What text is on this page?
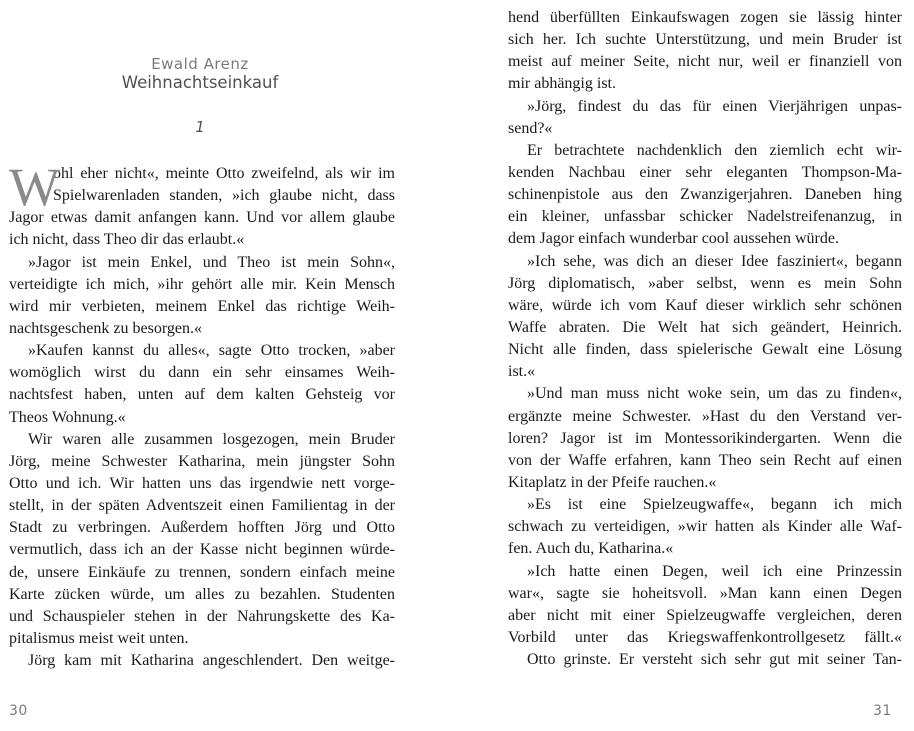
Ewald Arenz
Weihnachtseinkauf
1
W
ohl eher nicht«, meinte Otto zweifelnd, als wir im
Spielwarenladen standen, »ich glaube nicht, dass
Jagor etwas damit anfangen kann. Und vor allem glaube
ich nicht, dass Theo dir das erlaubt.«
»Jagor ist mein Enkel, und Theo ist mein Sohn«,
verteidigte ich mich, »ihr gehört alle mir. Kein Mensch
wird mir verbieten, meinem Enkel das richtige Weih-
nachtsgeschenk zu besorgen.«
»Kaufen kannst du alles«, sagte Otto trocken, »aber
womöglich wirst du dann ein sehr einsames Weih-
nachtsfest haben, unten auf dem kalten Gehsteig vor
Theos Wohnung.«
Wir waren alle zusammen losgezogen, mein Bruder
Jörg, meine Schwester Katharina, mein jüngster Sohn
Otto und ich. Wir hatten uns das irgendwie nett vorge-
stellt, in der späten Adventszeit einen Familientag in der
Stadt zu verbringen. Außerdem hofften Jörg und Otto
vermutlich, dass ich an der Kasse nicht beginnen würde-
de, unsere Einkäufe zu trennen, sondern einfach meine
Karte zücken würde, um alles zu bezahlen. Studenten
und Schauspieler stehen in der Nahrungskette des Ka-
pitalismus meist weit unten.
Jörg kam mit Katharina angeschlendert. Den weitge-
30
hend überfüllten Einkaufswagen zogen sie lässig hinter
sich her. Ich suchte Unterstützung, und mein Bruder ist
meist auf meiner Seite, nicht nur, weil er finanziell von
mir abhängig ist.
»Jörg, findest du das für einen Vierjährigen unpas-
send?«
Er betrachtete nachdenklich den ziemlich echt wir-
kenden Nachbau einer sehr eleganten Thompson-Ma-
schinenpistole aus den Zwanzigerjahren. Daneben hing
ein kleiner, unfassbar schicker Nadelstreifenanzug, in
dem Jagor einfach wunderbar cool aussehen würde.
»Ich sehe, was dich an dieser Idee fasziniert«, begann
Jörg diplomatisch, »aber selbst, wenn es mein Sohn
wäre, würde ich vom Kauf dieser wirklich sehr schönen
Waffe abraten. Die Welt hat sich geändert, Heinrich.
Nicht alle finden, dass spielerische Gewalt eine Lösung
ist.«
»Und man muss nicht woke sein, um das zu finden«,
ergänzte meine Schwester. »Hast du den Verstand ver-
loren? Jagor ist im Montessorikindergarten. Wenn die
von der Waffe erfahren, kann Theo sein Recht auf einen
Kitaplatz in der Pfeife rauchen.«
»Es ist eine Spielzeugwaffe«, begann ich mich
schwach zu verteidigen, »wir hatten als Kinder alle Waf-
fen. Auch du, Katharina.«
»Ich hatte einen Degen, weil ich eine Prinzessin
war«, sagte sie hoheitsvoll. »Man kann einen Degen
aber nicht mit einer Spielzeugwaffe vergleichen, deren
Vorbild unter das Kriegswaffenkontrollgesetz fällt.«
Otto grinste. Er versteht sich sehr gut mit seiner Tan-
31
